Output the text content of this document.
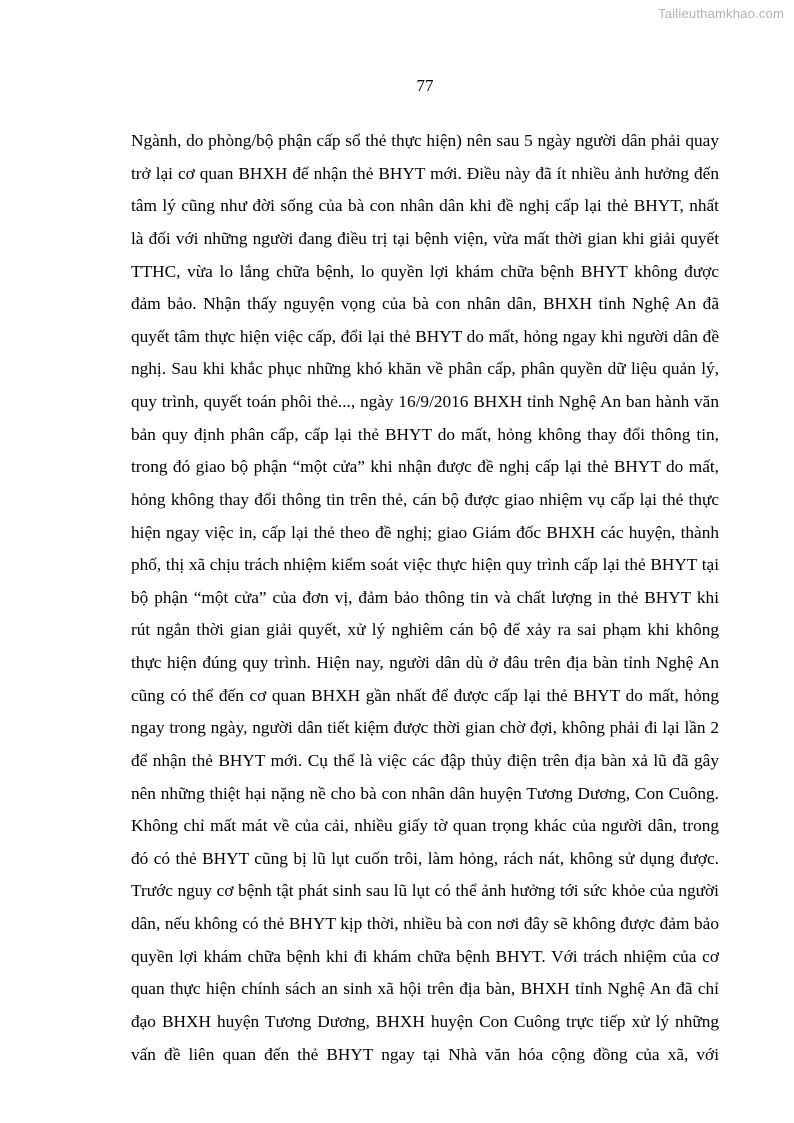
Tailieuthamkhao.com
77
Ngành, do phòng/bộ phận cấp sổ thẻ thực hiện) nên sau 5 ngày người dân phải quay
trở lại cơ quan BHXH để nhận thẻ BHYT mới. Điều này đã ít nhiều ảnh hưởng đến
tâm lý cũng như đời sống của bà con nhân dân khi đề nghị cấp lại thẻ BHYT, nhất
là đối với những người đang điều trị tại bệnh viện, vừa mất thời gian khi giải quyết
TTHC, vừa lo lắng chữa bệnh, lo quyền lợi khám chữa bệnh BHYT không được
đảm bảo. Nhận thấy nguyện vọng của bà con nhân dân, BHXH tỉnh Nghệ An đã
quyết tâm thực hiện việc cấp, đổi lại thẻ BHYT do mất, hỏng ngay khi người dân đề
nghị. Sau khi khắc phục những khó khăn về phân cấp, phân quyền dữ liệu quản lý,
quy trình, quyết toán phôi thẻ..., ngày 16/9/2016 BHXH tỉnh Nghệ An ban hành văn
bản quy định phân cấp, cấp lại thẻ BHYT do mất, hỏng không thay đổi thông tin,
trong đó giao bộ phận “một cửa” khi nhận được đề nghị cấp lại thẻ BHYT do mất,
hỏng không thay đổi thông tin trên thẻ, cán bộ được giao nhiệm vụ cấp lại thẻ thực
hiện ngay việc in, cấp lại thẻ theo đề nghị; giao Giám đốc BHXH các huyện, thành
phố, thị xã chịu trách nhiệm kiểm soát việc thực hiện quy trình cấp lại thẻ BHYT tại
bộ phận “một cửa” của đơn vị, đảm bảo thông tin và chất lượng in thẻ BHYT khi
rút ngắn thời gian giải quyết, xử lý nghiêm cán bộ để xảy ra sai phạm khi không
thực hiện đúng quy trình. Hiện nay, người dân dù ở đâu trên địa bàn tỉnh Nghệ An
cũng có thể đến cơ quan BHXH gần nhất để được cấp lại thẻ BHYT do mất, hỏng
ngay trong ngày, người dân tiết kiệm được thời gian chờ đợi, không phải đi lại lần 2
để nhận thẻ BHYT mới. Cụ thể là việc các đập thủy điện trên địa bàn xả lũ đã gây
nên những thiệt hại nặng nề cho bà con nhân dân huyện Tương Dương, Con Cuông.
Không chỉ mất mát về của cải, nhiều giấy tờ quan trọng khác của người dân, trong
đó có thẻ BHYT cũng bị lũ lụt cuốn trôi, làm hỏng, rách nát, không sử dụng được.
Trước nguy cơ bệnh tật phát sinh sau lũ lụt có thể ảnh hưởng tới sức khỏe của người
dân, nếu không có thẻ BHYT kịp thời, nhiều bà con nơi đây sẽ không được đảm bảo
quyền lợi khám chữa bệnh khi đi khám chữa bệnh BHYT. Với trách nhiệm của cơ
quan thực hiện chính sách an sinh xã hội trên địa bàn, BHXH tỉnh Nghệ An đã chỉ
đạo BHXH huyện Tương Dương, BHXH huyện Con Cuông trực tiếp xử lý những
vấn đề liên quan đến thẻ BHYT ngay tại Nhà văn hóa cộng đồng của xã, với
